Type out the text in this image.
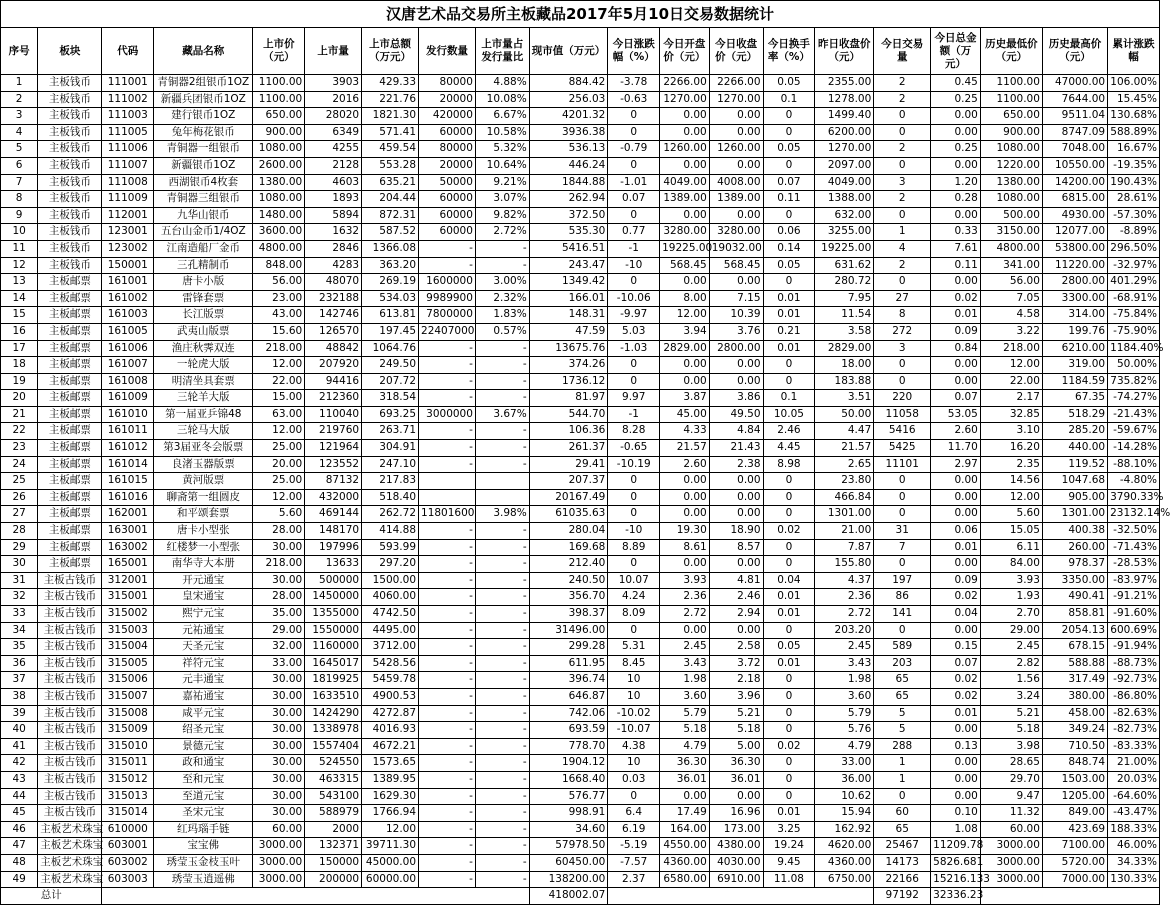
汉唐艺术品交易所主板藏品2017年5月10日交易数据统计
序号	板块	代码	藏品名称	上市价（元）	上市量	上市总额（万元）	发行数量	上市量占发行量比	现市值（万元）	今日涨跌幅（%）	今日开盘价（元）	今日收盘价（元）	今日换手率（%）	昨日收盘价（元）	今日交易量	今日总金额（万元）	历史最低价（元）	历史最高价（元）	累计涨跌幅
1	主板钱币	111001	青铜器2组银币1OZ	1100.00	3903	429.33	80000	4.88%	884.42	-3.78	2266.00	2266.00	0.05	2355.00	2	0.45	1100.00	47000.00	106.00%
2	主板钱币	111002	新疆兵团银币1OZ	1100.00	2016	221.76	20000	10.08%	256.03	-0.63	1270.00	1270.00	0.1	1278.00	2	0.25	1100.00	7644.00	15.45%
3	主板钱币	111003	建行银币1OZ	650.00	28020	1821.30	420000	6.67%	4201.32	0	0.00	0.00	0	1499.40	0	0.00	650.00	9511.04	130.68%
4	主板钱币	111005	兔年梅花银币	900.00	6349	571.41	60000	10.58%	3936.38	0	0.00	0.00	0	6200.00	0	0.00	900.00	8747.09	588.89%
5	主板钱币	111006	青铜器一组银币	1080.00	4255	459.54	80000	5.32%	536.13	-0.79	1260.00	1260.00	0.05	1270.00	2	0.25	1080.00	7048.00	16.67%
6	主板钱币	111007	新疆银币1OZ	2600.00	2128	553.28	20000	10.64%	446.24	0	0.00	0.00	0	2097.00	0	0.00	1220.00	10550.00	-19.35%
7	主板钱币	111008	西湖银币4枚套	1380.00	4603	635.21	50000	9.21%	1844.88	-1.01	4049.00	4008.00	0.07	4049.00	3	1.20	1380.00	14200.00	190.43%
8	主板钱币	111009	青铜器三组银币	1080.00	1893	204.44	60000	3.07%	262.94	0.07	1389.00	1389.00	0.11	1388.00	2	0.28	1080.00	6815.00	28.61%
9	主板钱币	112001	九华山银币	1480.00	5894	872.31	60000	9.82%	372.50	0	0.00	0.00	0	632.00	0	0.00	500.00	4930.00	-57.30%
10	主板钱币	123001	五台山金币1/4OZ	3600.00	1632	587.52	60000	2.72%	535.30	0.77	3280.00	3280.00	0.06	3255.00	1	0.33	3150.00	12077.00	-8.89%
11	主板钱币	123002	江南造船厂金币	4800.00	2846	1366.08	-	-	5416.51	-1	19225.00	19032.00	0.14	19225.00	4	7.61	4800.00	53800.00	296.50%
12	主板钱币	150001	三孔精制币	848.00	4283	363.20	-	-	243.47	-10	568.45	568.45	0.05	631.62	2	0.11	341.00	11220.00	-32.97%
13	主板邮票	161001	唐卡小版	56.00	48070	269.19	1600000	3.00%	1349.42	0	0.00	0.00	0	280.72	0	0.00	56.00	2800.00	401.29%
14	主板邮票	161002	雷锋套票	23.00	232188	534.03	9989900	2.32%	166.01	-10.06	8.00	7.15	0.01	7.95	27	0.02	7.05	3300.00	-68.91%
15	主板邮票	161003	长江版票	43.00	142746	613.81	7800000	1.83%	148.31	-9.97	12.00	10.39	0.01	11.54	8	0.01	4.58	314.00	-75.84%
16	主板邮票	161005	武夷山版票	15.60	126570	197.45	22407000	0.57%	47.59	5.03	3.94	3.76	0.21	3.58	272	0.09	3.22	199.76	-75.90%
17	主板邮票	161006	渔庄秋霁双连	218.00	48842	1064.76	-	-	13675.76	-1.03	2829.00	2800.00	0.01	2829.00	3	0.84	218.00	6210.00	1184.40%
18	主板邮票	161007	一轮虎大版	12.00	207920	249.50	-	-	374.26	0	0.00	0.00	0	18.00	0	0.00	12.00	319.00	50.00%
19	主板邮票	161008	明清坐具套票	22.00	94416	207.72	-	-	1736.12	0	0.00	0.00	0	183.88	0	0.00	22.00	1184.59	735.82%
20	主板邮票	161009	三轮羊大版	15.00	212360	318.54	-	-	81.97	9.97	3.87	3.86	0.1	3.51	220	0.07	2.17	67.35	-74.27%
21	主板邮票	161010	第一届亚乒锦48	63.00	110040	693.25	3000000	3.67%	544.70	-1	45.00	49.50	10.05	50.00	11058	53.05	32.85	518.29	-21.43%
22	主板邮票	161011	三轮马大版	12.00	219760	263.71	-	-	106.36	8.28	4.33	4.84	2.46	4.47	5416	2.60	3.10	285.20	-59.67%
23	主板邮票	161012	第3届亚冬会版票	25.00	121964	304.91	-	-	261.37	-0.65	21.57	21.43	4.45	21.57	5425	11.70	16.20	440.00	-14.28%
24	主板邮票	161014	良渚玉器版票	20.00	123552	247.10	-	-	29.41	-10.19	2.60	2.38	8.98	2.65	11101	2.97	2.35	119.52	-88.10%
25	主板邮票	161015	黄河版票	25.00	87132	217.83			207.37	0	0.00	0.00	0	23.80	0	0.00	14.56	1047.68	-4.80%
26	主板邮票	161016	聊斋第一组圆皮	12.00	432000	518.40			20167.49	0	0.00	0.00	0	466.84	0	0.00	12.00	905.00	3790.33%
27	主板邮票	162001	和平颂套票	5.60	469144	262.72	11801600	3.98%	61035.63	0	0.00	0.00	0	1301.00	0	0.00	5.60	1301.00	23132.14%
28	主板邮票	163001	唐卡小型张	28.00	148170	414.88	-	-	280.04	-10	19.30	18.90	0.02	21.00	31	0.06	15.05	400.38	-32.50%
29	主板邮票	163002	红楼梦一小型张	30.00	197996	593.99	-	-	169.68	8.89	8.61	8.57	0	7.87	7	0.01	6.11	260.00	-71.43%
30	主板邮票	165001	南华寺大本册	218.00	13633	297.20	-	-	212.40	0	0.00	0.00	0	155.80	0	0.00	84.00	978.37	-28.53%
31	主板古钱币	312001	开元通宝	30.00	500000	1500.00	-	-	240.50	10.07	3.93	4.81	0.04	4.37	197	0.09	3.93	3350.00	-83.97%
32	主板古钱币	315001	皇宋通宝	28.00	1450000	4060.00	-	-	356.70	4.24	2.36	2.46	0.01	2.36	86	0.02	1.93	490.41	-91.21%
33	主板古钱币	315002	熙宁元宝	35.00	1355000	4742.50	-	-	398.37	8.09	2.72	2.94	0.01	2.72	141	0.04	2.70	858.81	-91.60%
34	主板古钱币	315003	元祐通宝	29.00	1550000	4495.00	-	-	31496.00	0	0.00	0.00	0	203.20	0	0.00	29.00	2054.13	600.69%
35	主板古钱币	315004	天圣元宝	32.00	1160000	3712.00	-	-	299.28	5.31	2.45	2.58	0.05	2.45	589	0.15	2.45	678.15	-91.94%
36	主板古钱币	315005	祥符元宝	33.00	1645017	5428.56	-	-	611.95	8.45	3.43	3.72	0.01	3.43	203	0.07	2.82	588.88	-88.73%
37	主板古钱币	315006	元丰通宝	30.00	1819925	5459.78	-	-	396.74	10	1.98	2.18	0	1.98	65	0.02	1.56	317.49	-92.73%
38	主板古钱币	315007	嘉祐通宝	30.00	1633510	4900.53	-	-	646.87	10	3.60	3.96	0	3.60	65	0.02	3.24	380.00	-86.80%
39	主板古钱币	315008	咸平元宝	30.00	1424290	4272.87	-	-	742.06	-10.02	5.79	5.21	0	5.79	5	0.01	5.21	458.00	-82.63%
40	主板古钱币	315009	绍圣元宝	30.00	1338978	4016.93	-	-	693.59	-10.07	5.18	5.18	0	5.76	5	0.00	5.18	349.24	-82.73%
41	主板古钱币	315010	景德元宝	30.00	1557404	4672.21	-	-	778.70	4.38	4.79	5.00	0.02	4.79	288	0.13	3.98	710.50	-83.33%
42	主板古钱币	315011	政和通宝	30.00	524550	1573.65	-	-	1904.12	10	36.30	36.30	0	33.00	1	0.00	28.65	848.74	21.00%
43	主板古钱币	315012	至和元宝	30.00	463315	1389.95	-	-	1668.40	0.03	36.01	36.01	0	36.00	1	0.00	29.70	1503.00	20.03%
44	主板古钱币	315013	至道元宝	30.00	543100	1629.30	-	-	576.77	0	0.00	0.00	0	10.62	0	0.00	9.47	1205.00	-64.60%
45	主板古钱币	315014	圣宋元宝	30.00	588979	1766.94	-	-	998.91	6.4	17.49	16.96	0.01	15.94	60	0.10	11.32	849.00	-43.47%
46	主板艺术珠宝	610000	红玛瑙手链	60.00	2000	12.00	-	-	34.60	6.19	164.00	173.00	3.25	162.92	65	1.08	60.00	423.69	188.33%
47	主板艺术珠宝	603001	宝宝佛	3000.00	132371	39711.30	-	-	57978.50	-5.19	4550.00	4380.00	19.24	4620.00	25467	11209.78	3000.00	7100.00	46.00%
48	主板艺术珠宝	603002	琇莹玉金枝玉叶	3000.00	150000	45000.00	-	-	60450.00	-7.57	4360.00	4030.00	9.45	4360.00	14173	5826.681	3000.00	5720.00	34.33%
49	主板艺术珠宝	603003	琇莹玉逍遥佛	3000.00	200000	60000.00	-	-	138200.00	2.37	6580.00	6910.00	11.08	6750.00	22166	15216.133	3000.00	7000.00	130.33%
总计									418002.07						97192	32336.23			
